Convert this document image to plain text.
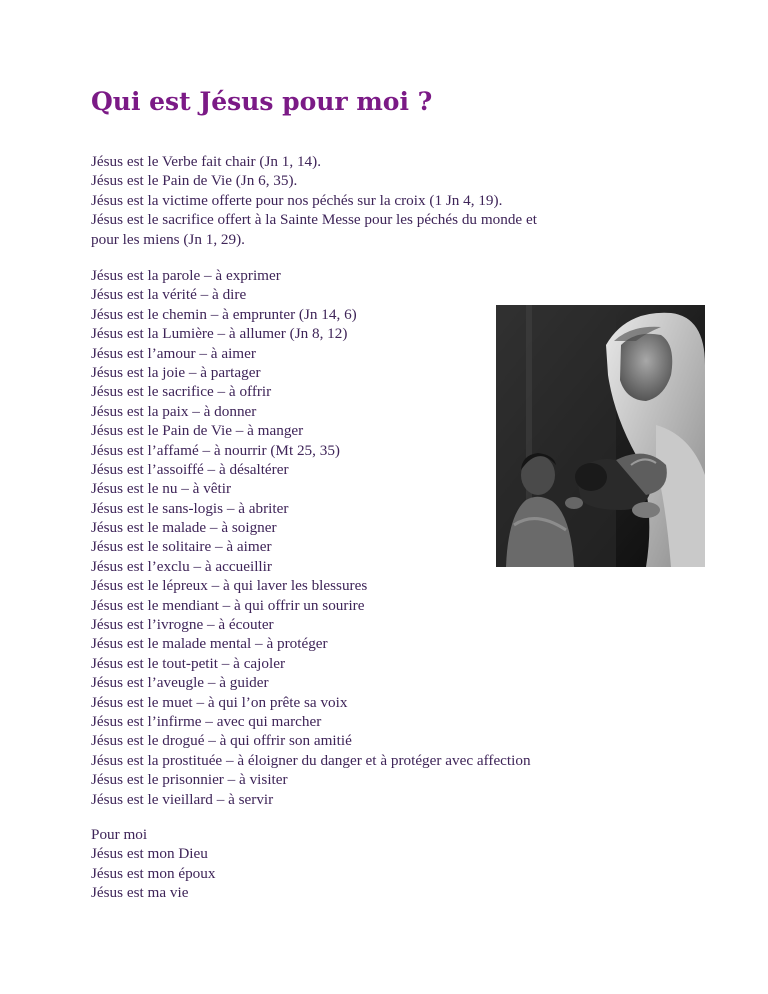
Qui est Jésus pour moi ?
Jésus est le Verbe fait chair (Jn 1, 14).
Jésus est le Pain de Vie (Jn 6, 35).
Jésus est la victime offerte pour nos péchés sur la croix (1 Jn 4, 19).
Jésus est le sacrifice offert à la Sainte Messe pour les péchés du monde et
pour les miens (Jn 1, 29).
Jésus est la parole – à exprimer
Jésus est la vérité – à dire
Jésus est le chemin – à emprunter (Jn 14, 6)
Jésus est la Lumière – à allumer (Jn 8, 12)
Jésus est l’amour – à aimer
Jésus est la joie – à partager
Jésus est le sacrifice – à offrir
Jésus est la paix – à donner
Jésus est le Pain de Vie – à manger
Jésus est l’affamé – à nourrir (Mt 25, 35)
Jésus est l’assoiffé – à désaltérer
Jésus est le nu – à vêtir
Jésus est le sans-logis – à abriter
Jésus est le malade – à soigner
Jésus est le solitaire – à aimer
Jésus est l’exclu – à accueillir
Jésus est le lépreux – à qui laver les blessures
Jésus est le mendiant – à qui offrir un sourire
Jésus est l’ivrogne – à écouter
Jésus est le malade mental – à protéger
Jésus est le tout-petit – à cajoler
Jésus est l’aveugle – à guider
Jésus est le muet – à qui l’on prête sa voix
Jésus est l’infirme – avec qui marcher
Jésus est le drogué – à qui offrir son amitié
Jésus est la prostituée – à éloigner du danger et à protéger avec affection
Jésus est le prisonnier – à visiter
Jésus est le vieillard – à servir
Pour moi
Jésus est mon Dieu
Jésus est mon époux
Jésus est ma vie
